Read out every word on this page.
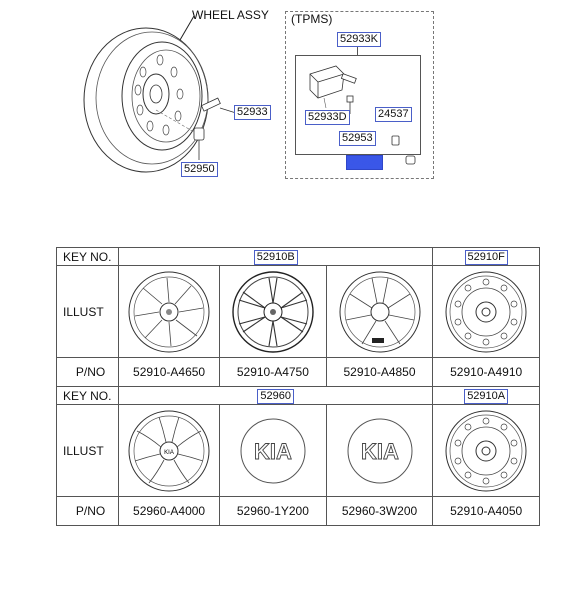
WHEEL ASSY
52933
52950
(TPMS)
52933K
52933D	24537
52953
52934
KEY NO.	52910B			52910F
ILLUST	

P/NO	52910-A4650	52910-A4750	52910-A4850	52910-A4910
KEY NO.	52960			52910A
ILLUST	KIA	KIA	KIA

P/NO	52960-A4000	52960-1Y200	52960-3W200	52910-A4050
